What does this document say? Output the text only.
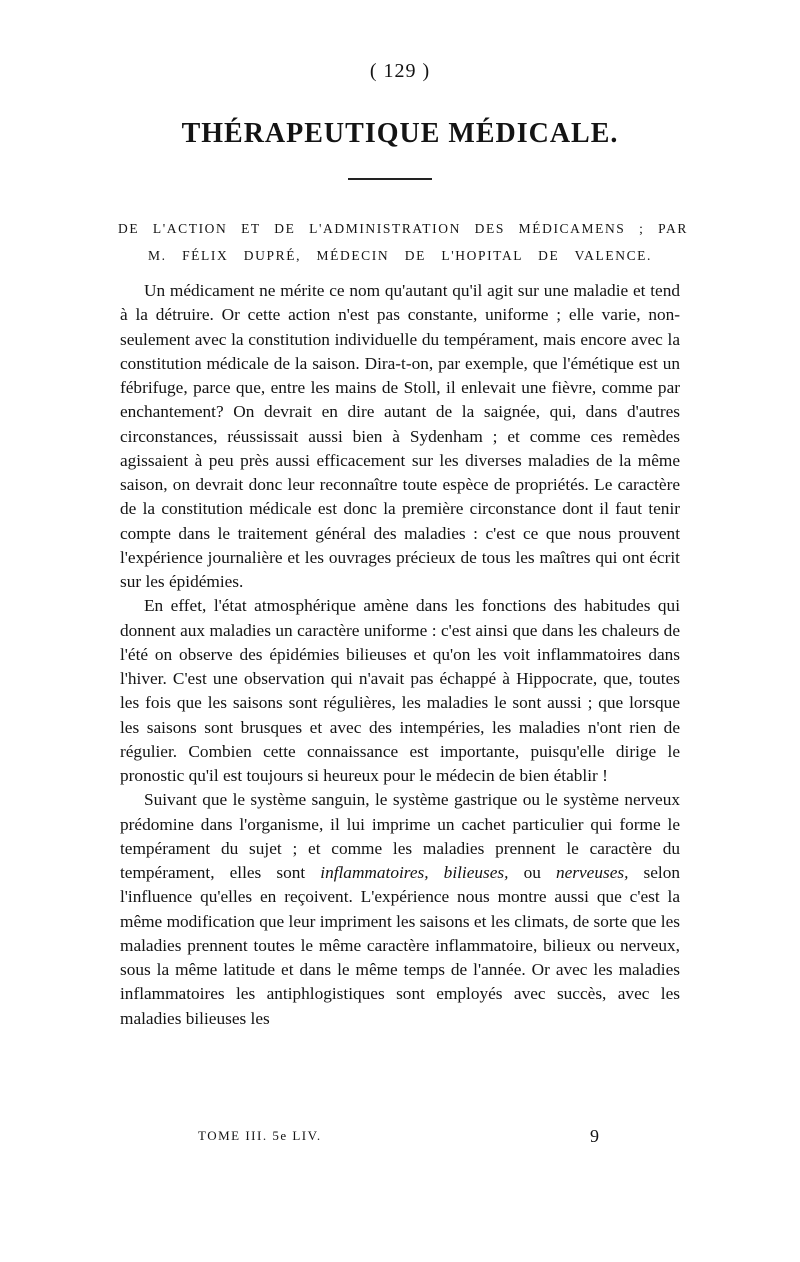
( 129 )
THÉRAPEUTIQUE MÉDICALE.
DE L'ACTION ET DE L'ADMINISTRATION DES MÉDICAMENS ; PAR
M. FÉLIX DUPRÉ, MÉDECIN DE L'HOPITAL DE VALENCE.

Un médicament ne mérite ce nom qu'autant qu'il agit sur une maladie et tend à la détruire. Or cette action n'est pas constante, uniforme ; elle varie, non-seulement avec la constitution individuelle du tempérament, mais encore avec la constitution médicale de la saison. Dira-t-on, par exemple, que l'émétique est un fébrifuge, parce que, entre les mains de Stoll, il enlevait une fièvre, comme par enchantement? On devrait en dire autant de la saignée, qui, dans d'autres circonstances, réussissait aussi bien à Sydenham ; et comme ces remèdes agissaient à peu près aussi efficacement sur les diverses maladies de la même saison, on devrait donc leur reconnaître toute espèce de propriétés. Le caractère de la constitution médicale est donc la première circonstance dont il faut tenir compte dans le traitement général des maladies : c'est ce que nous prouvent l'expérience journalière et les ouvrages précieux de tous les maîtres qui ont écrit sur les épidémies.

En effet, l'état atmosphérique amène dans les fonctions des habitudes qui donnent aux maladies un caractère uniforme : c'est ainsi que dans les chaleurs de l'été on observe des épidémies bilieuses et qu'on les voit inflammatoires dans l'hiver. C'est une observation qui n'avait pas échappé à Hippocrate, que, toutes les fois que les saisons sont régulières, les maladies le sont aussi ; que lorsque les saisons sont brusques et avec des intempéries, les maladies n'ont rien de régulier. Combien cette connaissance est importante, puisqu'elle dirige le pronostic qu'il est toujours si heureux pour le médecin de bien établir !

Suivant que le système sanguin, le système gastrique ou le système nerveux prédomine dans l'organisme, il lui imprime un cachet particulier qui forme le tempérament du sujet ; et comme les maladies prennent le caractère du tempérament, elles sont inflammatoires, bilieuses, ou nerveuses, selon l'influence qu'elles en reçoivent. L'expérience nous montre aussi que c'est la même modification que leur impriment les saisons et les climats, de sorte que les maladies prennent toutes le même caractère inflammatoire, bilieux ou nerveux, sous la même latitude et dans le même temps de l'année. Or avec les maladies inflammatoires les antiphlogistiques sont employés avec succès, avec les maladies bilieuses les

TOME III. 5e LIV.	9
